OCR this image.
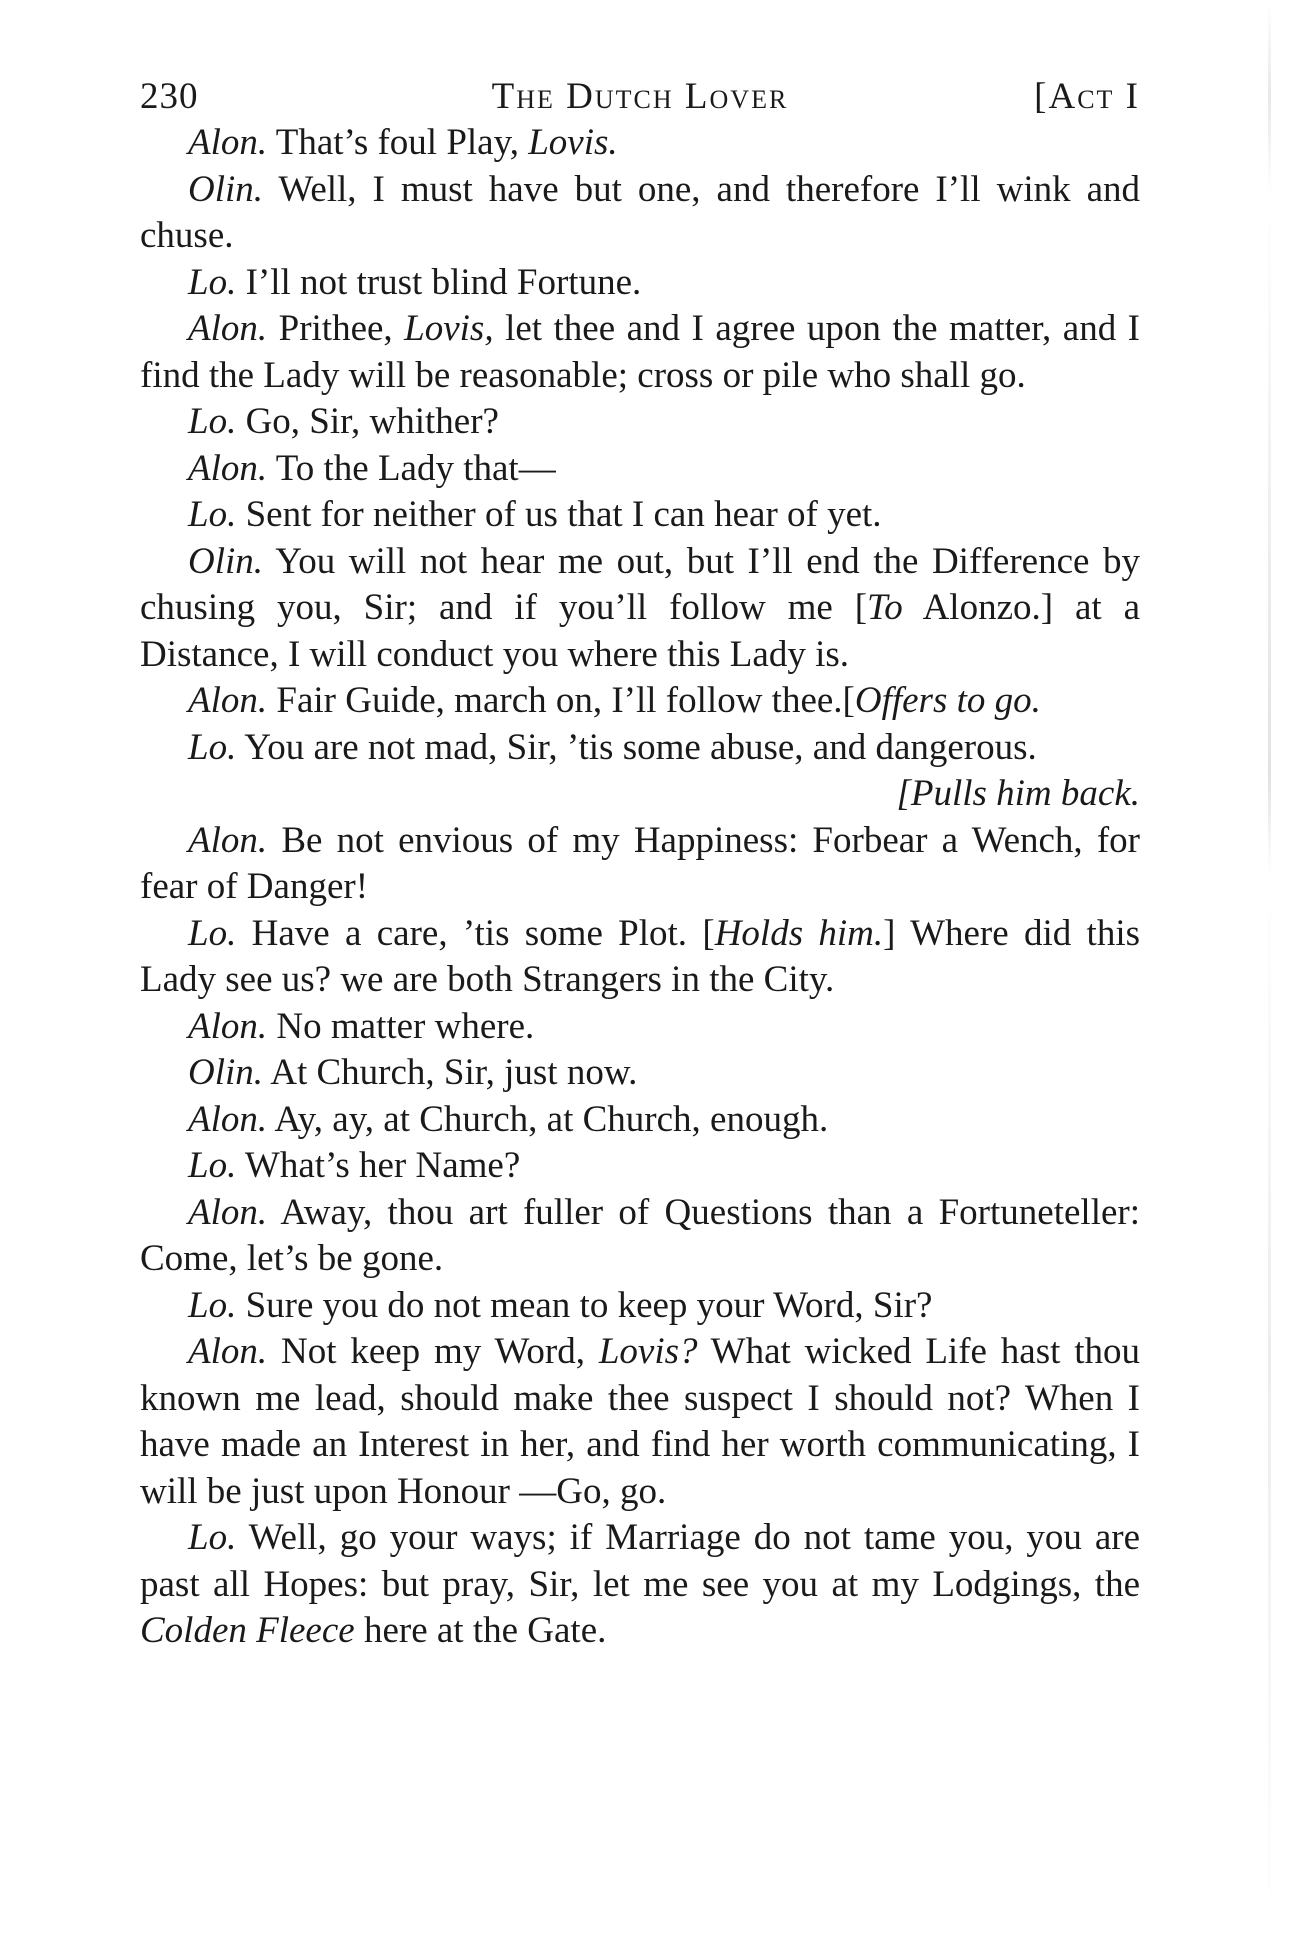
230	The Dutch Lover	[Act I

Alon. That’s foul Play, Lovis.

Olin. Well, I must have but one, and therefore I’ll wink and chuse.

Lo. I’ll not trust blind Fortune.

Alon. Prithee, Lovis, let thee and I agree upon the matter, and I find the Lady will be reasonable; cross or pile who shall go.

Lo. Go, Sir, whither?

Alon. To the Lady that—

Lo. Sent for neither of us that I can hear of yet.

Olin. You will not hear me out, but I’ll end the Difference by chusing you, Sir; and if you’ll follow me [To Alonzo.] at a Distance, I will conduct you where this Lady is.

Alon. Fair Guide, march on, I’ll follow thee.[Offers to go.

Lo. You are not mad, Sir, ’tis some abuse, and dangerous.

[Pulls him back.

Alon. Be not envious of my Happiness: Forbear a Wench, for fear of Danger!

Lo. Have a care, ’tis some Plot. [Holds him.] Where did this Lady see us? we are both Strangers in the City.

Alon. No matter where.

Olin. At Church, Sir, just now.

Alon. Ay, ay, at Church, at Church, enough.

Lo. What’s her Name?

Alon. Away, thou art fuller of Questions than a Fortuneteller: Come, let’s be gone.

Lo. Sure you do not mean to keep your Word, Sir?

Alon. Not keep my Word, Lovis? What wicked Life hast thou known me lead, should make thee suspect I should not? When I have made an Interest in her, and find her worth communicating, I will be just upon Honour —Go, go.

Lo. Well, go your ways; if Marriage do not tame you, you are past all Hopes: but pray, Sir, let me see you at my Lodgings, the Colden Fleece here at the Gate.
